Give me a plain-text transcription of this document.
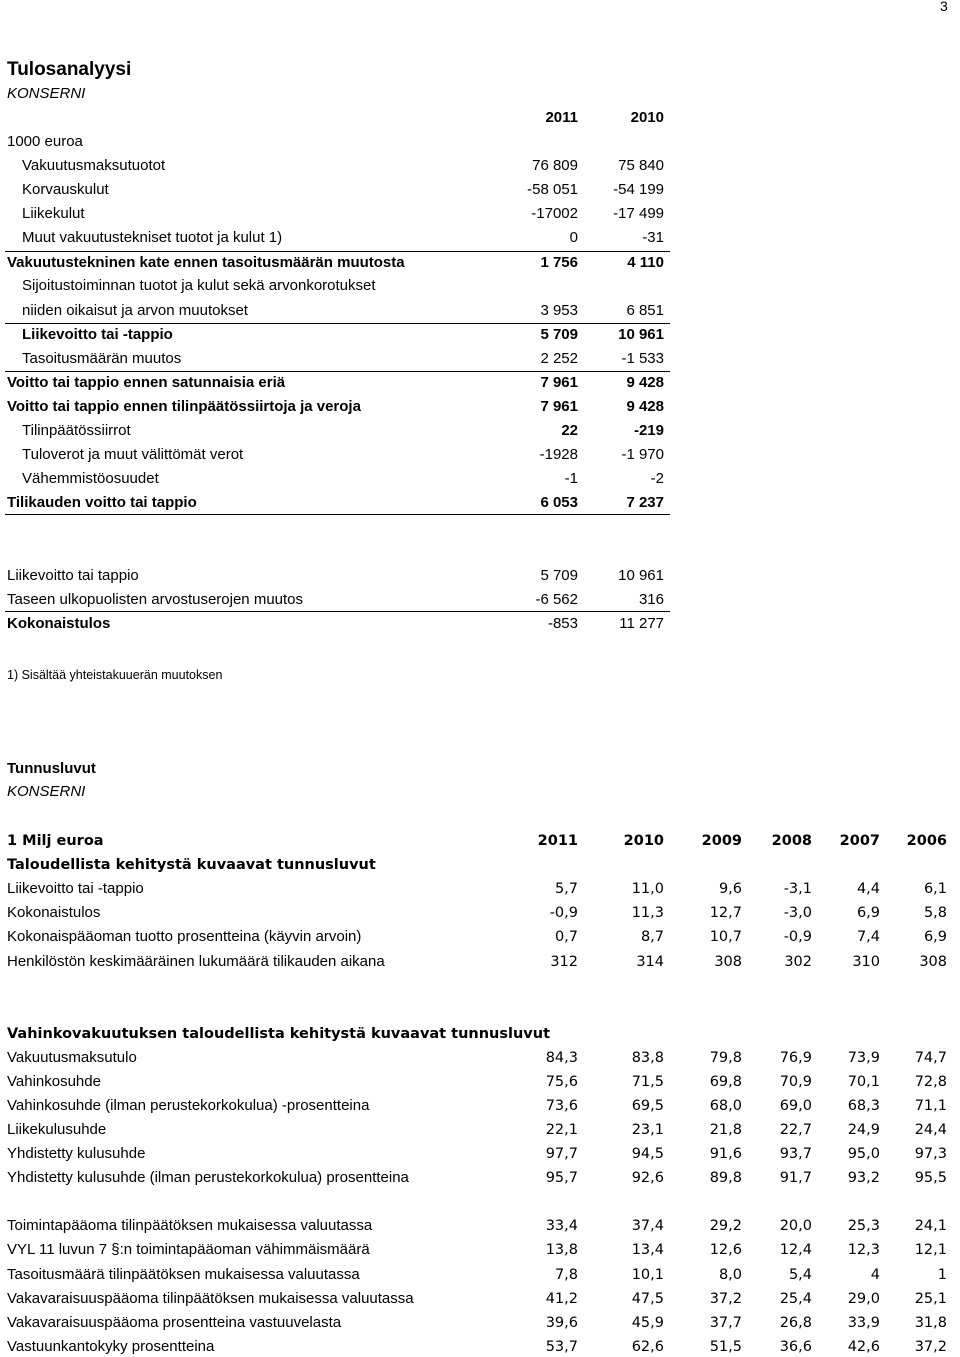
3
Tulosanalyysi
KONSERNI
2011	2010
1000 euroa
Vakuutusmaksutuotot	76 809	75 840
Korvauskulut	-58 051	-54 199
Liikekulut	-17002	-17 499
Muut vakuutustekniset tuotot ja kulut 1)	0	-31
Vakuutustekninen kate ennen tasoitusmäärän muutosta	1 756	4 110
Sijoitustoiminnan tuotot ja kulut sekä arvonkorotukset
niiden oikaisut ja arvon muutokset	3 953	6 851
Liikevoitto tai -tappio	5 709	10 961
Tasoitusmäärän muutos	2 252	-1 533
Voitto tai tappio ennen satunnaisia eriä	7 961	9 428
Voitto tai tappio ennen tilinpäätössiirtoja ja veroja	7 961	9 428
Tilinpäätössiirrot	22	-219
Tuloverot ja muut välittömät verot	-1928	-1 970
Vähemmistöosuudet	-1	-2
Tilikauden voitto tai tappio	6 053	7 237
Liikevoitto tai tappio	5 709	10 961
Taseen ulkopuolisten arvostuserojen muutos	-6 562	316
Kokonaistulos	-853	11 277
1) Sisältää yhteistakuuerän muutoksen
Tunnusluvut
KONSERNI
1 Milj euroa	2011	2010	2009	2008	2007	2006
Taloudellista kehitystä kuvaavat tunnusluvut
Vahinkovakuutuksen taloudellista kehitystä kuvaavat tunnusluvut
Liikevoitto tai -tappio	5,7	11,0	9,6	-3,1	4,4	6,1
Kokonaistulos	-0,9	11,3	12,7	-3,0	6,9	5,8
Kokonaispääoman tuotto prosentteina (käyvin arvoin)	0,7	8,7	10,7	-0,9	7,4	6,9
Henkilöstön keskimääräinen lukumäärä tilikauden aikana	312	314	308	302	310	308
Vakuutusmaksutulo	84,3	83,8	79,8	76,9	73,9	74,7
Vahinkosuhde	75,6	71,5	69,8	70,9	70,1	72,8
Vahinkosuhde (ilman perustekorkokulua) -prosentteina	73,6	69,5	68,0	69,0	68,3	71,1
Liikekulusuhde	22,1	23,1	21,8	22,7	24,9	24,4
Yhdistetty kulusuhde	97,7	94,5	91,6	93,7	95,0	97,3
Yhdistetty kulusuhde (ilman perustekorkokulua) prosentteina	95,7	92,6	89,8	91,7	93,2	95,5
Toimintapääoma tilinpäätöksen mukaisessa valuutassa	33,4	37,4	29,2	20,0	25,3	24,1
VYL 11 luvun 7 §:n toimintapääoman vähimmäismäärä	13,8	13,4	12,6	12,4	12,3	12,1
Tasoitusmäärä tilinpäätöksen mukaisessa valuutassa	7,8	10,1	8,0	5,4	4	1
Vakavaraisuuspääoma tilinpäätöksen mukaisessa valuutassa	41,2	47,5	37,2	25,4	29,0	25,1
Vakavaraisuuspääoma prosentteina vastuuvelasta	39,6	45,9	37,7	26,8	33,9	31,8
Vastuunkantokyky prosentteina	53,7	62,6	51,5	36,6	42,6	37,2
